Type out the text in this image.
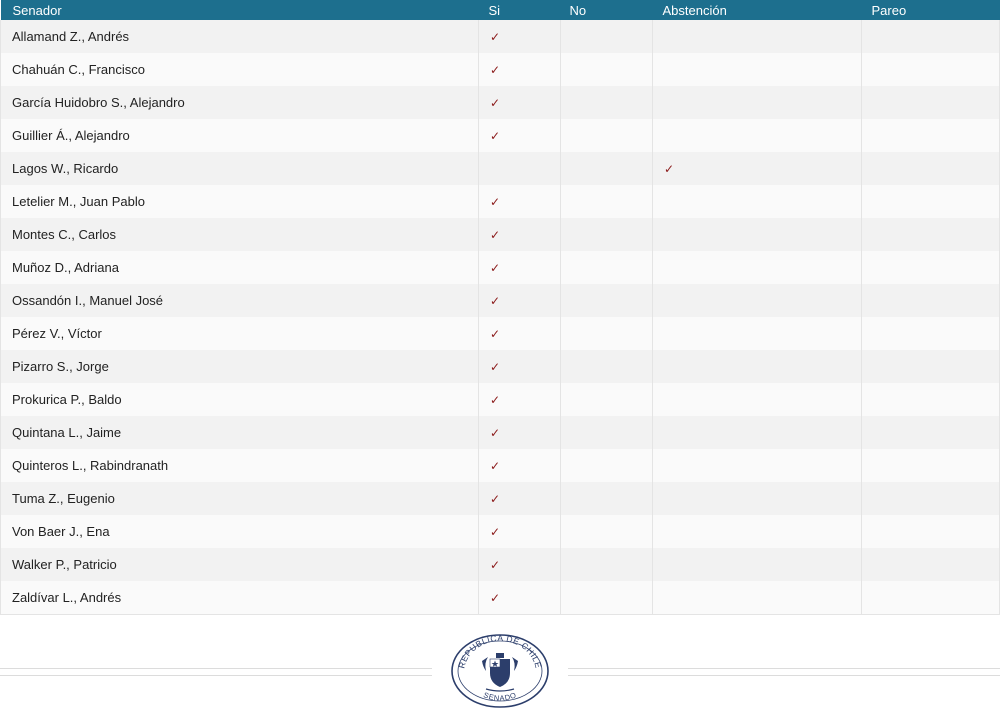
Senador	Si	No	Abstención	Pareo
Allamand Z., Andrés	✓			
Chahuán C., Francisco	✓			
García Huidobro S., Alejandro	✓			
Guillier Á., Alejandro	✓			
Lagos W., Ricardo			✓	
Letelier M., Juan Pablo	✓			
Montes C., Carlos	✓			
Muñoz D., Adriana	✓			
Ossandón I., Manuel José	✓			
Pérez V., Víctor	✓			
Pizarro S., Jorge	✓			
Prokurica P., Baldo	✓			
Quintana L., Jaime	✓			
Quinteros L., Rabindranath	✓			
Tuma Z., Eugenio	✓			
Von Baer J., Ena	✓			
Walker P., Patricio	✓			
Zaldívar L., Andrés	✓			
REPUBLICA DE CHILE
SENADO
